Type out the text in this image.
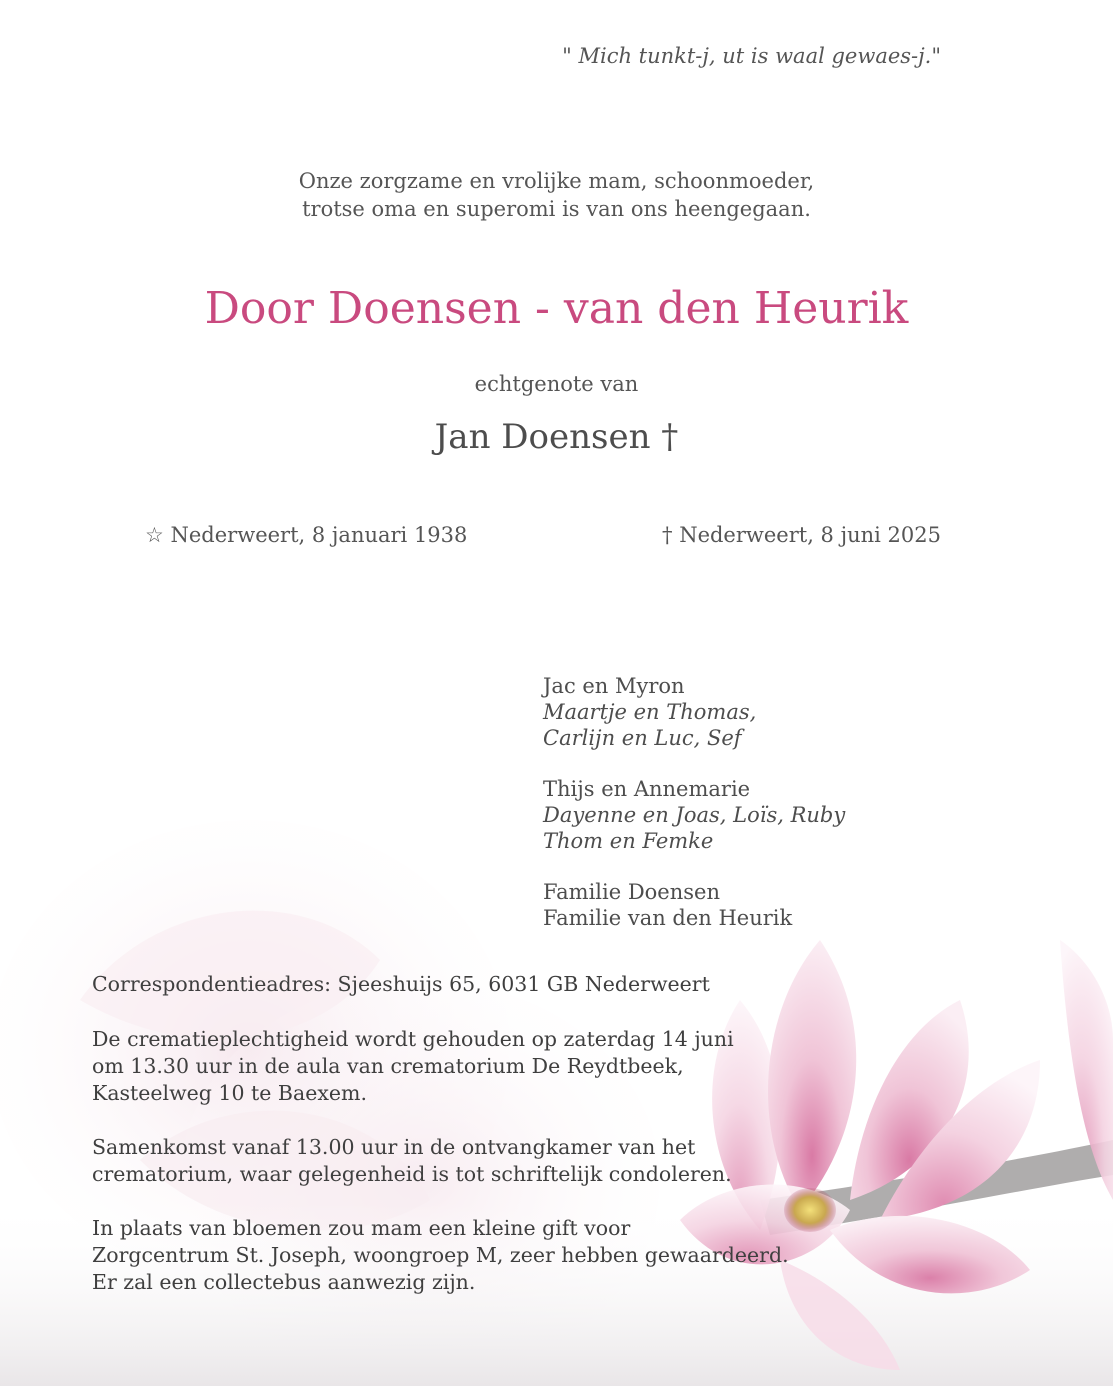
" Mich tunkt-j, ut is waal gewaes-j."
Onze zorgzame en vrolijke mam, schoonmoeder,
trotse oma en superomi is van ons heengegaan.
Door Doensen - van den Heurik
echtgenote van
Jan Doensen †
☆ Nederweert, 8 januari 1938	† Nederweert, 8 juni 2025
Jac en Myron
Maartje en Thomas,
Carlijn en Luc, Sef
Thijs en Annemarie
Dayenne en Joas, Loïs, Ruby
Thom en Femke
Familie Doensen
Familie van den Heurik
Correspondentieadres: Sjeeshuijs 65, 6031 GB Nederweert
De crematieplechtigheid wordt gehouden op zaterdag 14 juni
om 13.30 uur in de aula van crematorium De Reydtbeek,
Kasteelweg 10 te Baexem.
Samenkomst vanaf 13.00 uur in de ontvangkamer van het
crematorium, waar gelegenheid is tot schriftelijk condoleren.
In plaats van bloemen zou mam een kleine gift voor
Zorgcentrum St. Joseph, woongroep M, zeer hebben gewaardeerd.
Er zal een collectebus aanwezig zijn.
